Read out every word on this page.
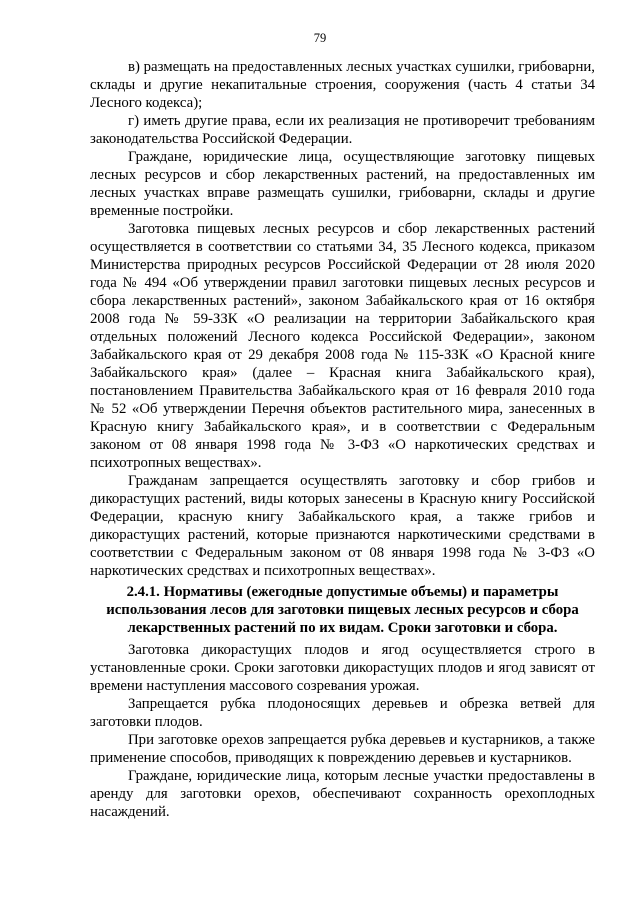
79

в) размещать на предоставленных лесных участках сушилки, грибоварни, склады и другие некапитальные строения, сооружения (часть 4 статьи 34 Лесного кодекса);

г) иметь другие права, если их реализация не противоречит требованиям законодательства Российской Федерации.

Граждане, юридические лица, осуществляющие заготовку пищевых лесных ресурсов и сбор лекарственных растений, на предоставленных им лесных участках вправе размещать сушилки, грибоварни, склады и другие временные постройки.

Заготовка пищевых лесных ресурсов и сбор лекарственных растений осуществляется в соответствии со статьями 34, 35 Лесного кодекса, приказом Министерства природных ресурсов Российской Федерации от 28 июля 2020 года № 494 «Об утверждении правил заготовки пищевых лесных ресурсов и сбора лекарственных растений», законом Забайкальского края от 16 октября 2008 года № 59-ЗЗК «О реализации на территории Забайкальского края отдельных положений Лесного кодекса Российской Федерации», законом Забайкальского края от 29 декабря 2008 года № 115-ЗЗК «О Красной книге Забайкальского края» (далее – Красная книга Забайкальского края), постановлением Правительства Забайкальского края от 16 февраля 2010 года № 52 «Об утверждении Перечня объектов растительного мира, занесенных в Красную книгу Забайкальского края», и в соответствии с Федеральным законом от 08 января 1998 года № 3-ФЗ «О наркотических средствах и психотропных веществах».

Гражданам запрещается осуществлять заготовку и сбор грибов и дикорастущих растений, виды которых занесены в Красную книгу Российской Федерации, красную книгу Забайкальского края, а также грибов и дикорастущих растений, которые признаются наркотическими средствами в соответствии с Федеральным законом от 08 января 1998 года № 3-ФЗ «О наркотических средствах и психотропных веществах».

2.4.1. Нормативы (ежегодные допустимые объемы) и параметры использования лесов для заготовки пищевых лесных ресурсов и сбора лекарственных растений по их видам. Сроки заготовки и сбора.

Заготовка дикорастущих плодов и ягод осуществляется строго в установленные сроки. Сроки заготовки дикорастущих плодов и ягод зависят от времени наступления массового созревания урожая.

Запрещается рубка плодоносящих деревьев и обрезка ветвей для заготовки плодов.

При заготовке орехов запрещается рубка деревьев и кустарников, а также применение способов, приводящих к повреждению деревьев и кустарников.

Граждане, юридические лица, которым лесные участки предоставлены в аренду для заготовки орехов, обеспечивают сохранность орехоплодных насаждений.
